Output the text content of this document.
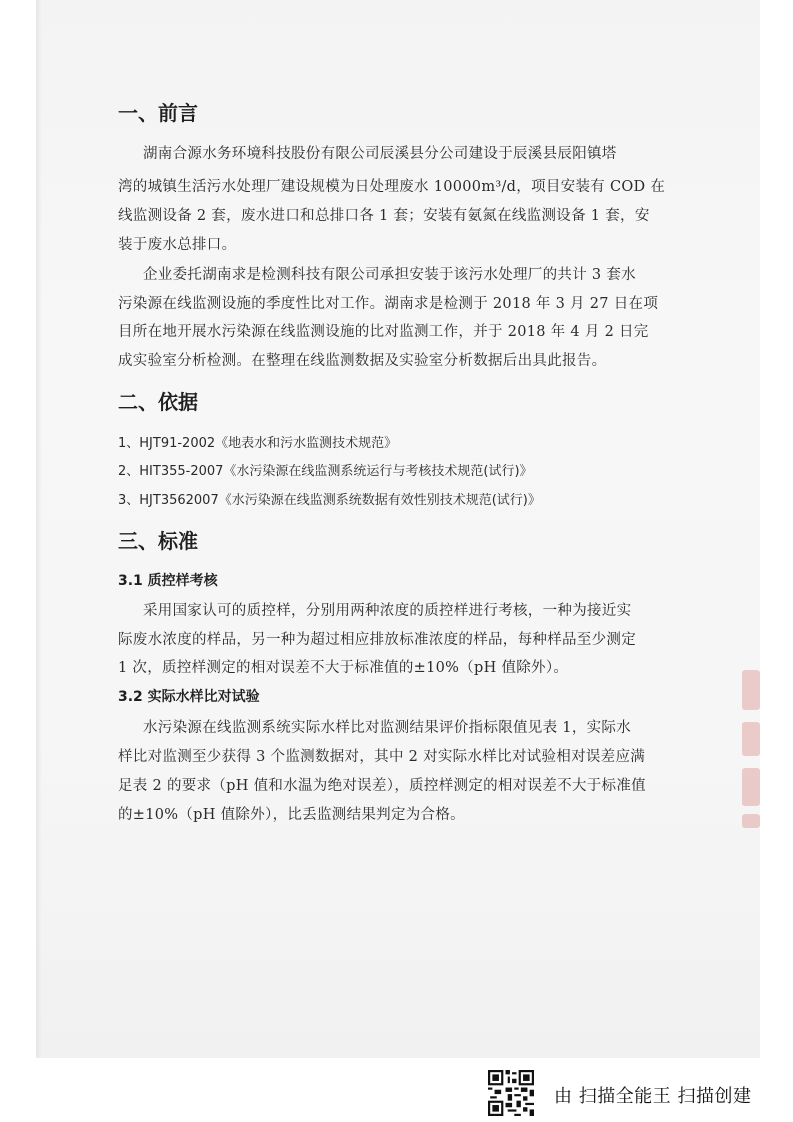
一、前言
湖南合源水务环境科技股份有限公司辰溪县分公司建设于辰溪县辰阳镇塔
湾的城镇生活污水处理厂建设规模为日处理废水 10000m³/d，项目安装有 COD 在
线监测设备 2 套，废水进口和总排口各 1 套；安装有氨氮在线监测设备 1 套，安
装于废水总排口。
企业委托湖南求是检测科技有限公司承担安装于该污水处理厂的共计 3 套水
污染源在线监测设施的季度性比对工作。湖南求是检测于 2018 年 3 月 27 日在项
目所在地开展水污染源在线监测设施的比对监测工作，并于 2018 年 4 月 2 日完
成实验室分析检测。在整理在线监测数据及实验室分析数据后出具此报告。
二、依据
1、HJT91-2002《地表水和污水监测技术规范》
2、HIT355-2007《水污染源在线监测系统运行与考核技术规范(试行)》
3、HJT3562007《水污染源在线监测系统数据有效性别技术规范(试行)》
三、标准
3.1 质控样考核
采用国家认可的质控样，分别用两种浓度的质控样进行考核，一种为接近实
际废水浓度的样品，另一种为超过相应排放标准浓度的样品，每种样品至少测定
1 次，质控样测定的相对误差不大于标准值的±10%（pH 值除外）。
3.2 实际水样比对试验
水污染源在线监测系统实际水样比对监测结果评价指标限值见表 1，实际水
样比对监测至少获得 3 个监测数据对，其中 2 对实际水样比对试验相对误差应满
足表 2 的要求（pH 值和水温为绝对误差），质控样测定的相对误差不大于标准值
的±10%（pH 值除外），比丢监测结果判定为合格。
由 扫描全能王 扫描创建
